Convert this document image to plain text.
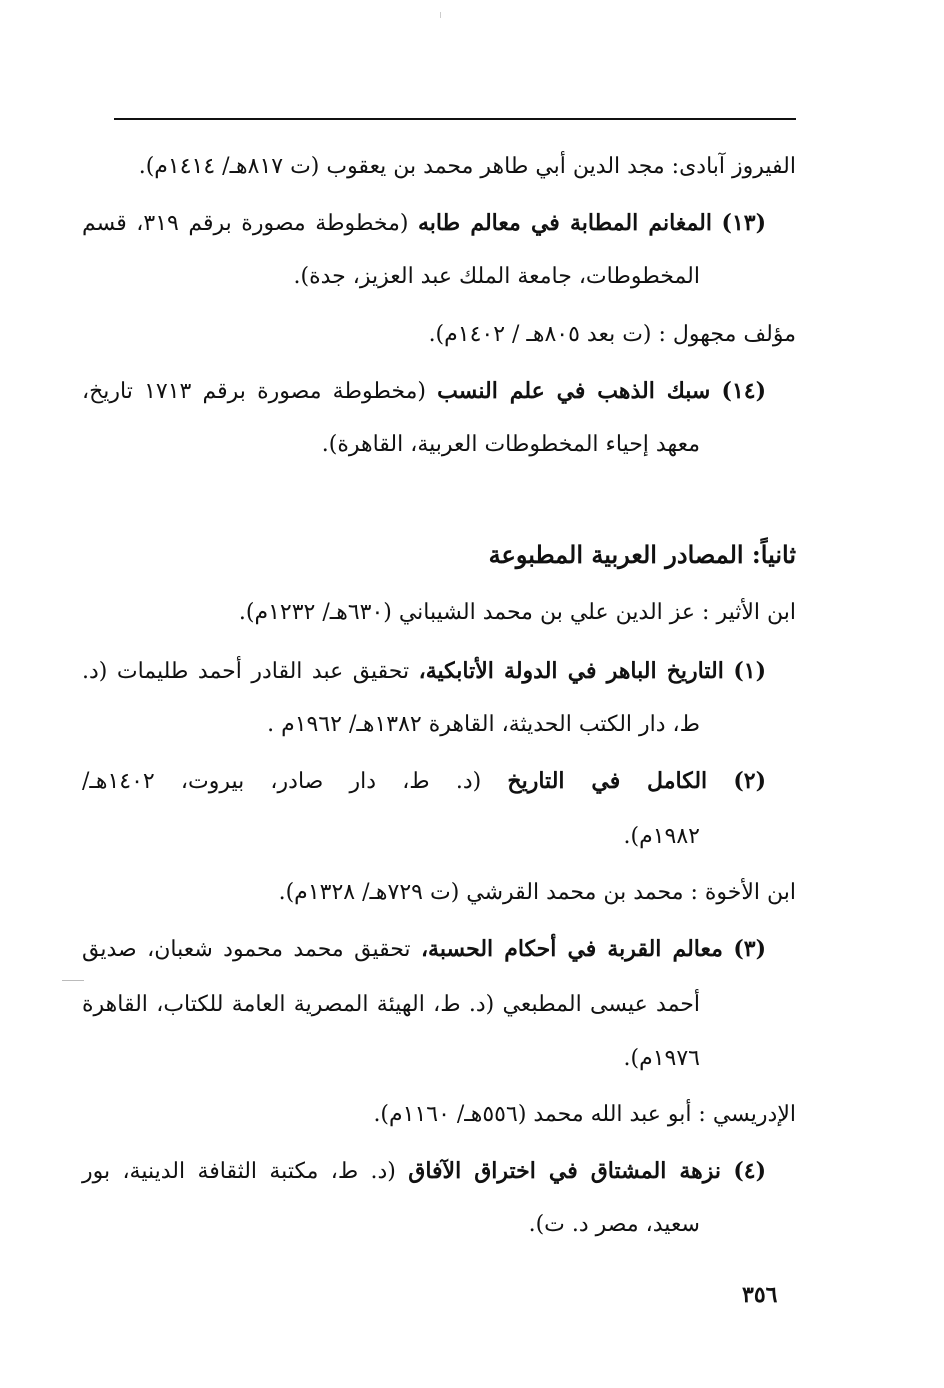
الفيروز آبادى: مجد الدين أبي طاهر محمد بن يعقوب (ت ٨١٧هـ/ ١٤١٤م).
(١٣) المغانم المطابة في معالم طابه (مخطوطة مصورة برقم ٣١٩، قسم
المخطوطات، جامعة الملك عبد العزيز، جدة).
مؤلف مجهول : (ت بعد ٨٠٥هـ / ١٤٠٢م).
(١٤) سبك الذهب في علم النسب (مخطوطة مصورة برقم ١٧١٣ تاريخ،
معهد إحياء المخطوطات العربية، القاهرة).
ثانياً: المصادر العربية المطبوعة
ابن الأثير : عز الدين علي بن محمد الشيباني (٦٣٠هـ/ ١٢٣٢م).
(١) التاريخ الباهر في الدولة الأتابكية، تحقيق عبد القادر أحمد طليمات (د.
ط، دار الكتب الحديثة، القاهرة ١٣٨٢هـ/ ١٩٦٢م .
(٢) الكامل في التاريخ (د. ط، دار صادر، بيروت، ١٤٠٢هـ/
١٩٨٢م).
ابن الأخوة : محمد بن محمد القرشي (ت ٧٢٩هـ/ ١٣٢٨م).
(٣) معالم القربة في أحكام الحسبة، تحقيق محمد محمود شعبان، صديق
أحمد عيسى المطبعي (د. ط، الهيئة المصرية العامة للكتاب، القاهرة
١٩٧٦م).
الإدريسي : أبو عبد الله محمد (٥٥٦هـ/ ١١٦٠م).
(٤) نزهة المشتاق في اختراق الآفاق (د. ط، مكتبة الثقافة الدينية، بور
سعيد، مصر د. ت).
٣٥٦
